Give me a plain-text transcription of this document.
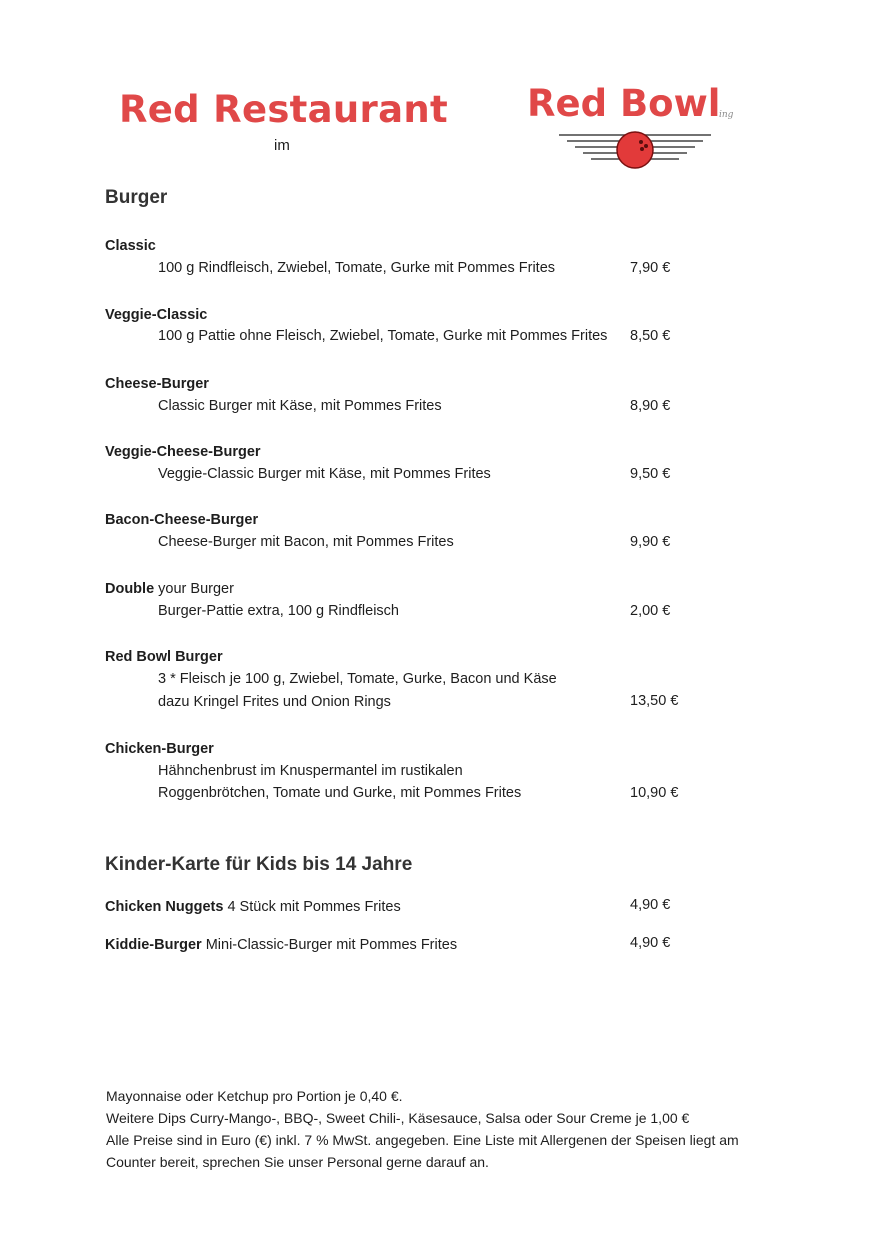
Red Restaurant
im
Red Bowl
ing
Burger
Classic
100 g Rindfleisch, Zwiebel, Tomate, Gurke mit Pommes Frites	7,90 €
Veggie-Classic
100 g Pattie ohne Fleisch, Zwiebel, Tomate, Gurke mit Pommes Frites 8,50 €
Cheese-Burger
Classic Burger mit Käse, mit Pommes Frites	8,90 €
Veggie-Cheese-Burger
Veggie-Classic Burger mit Käse, mit Pommes Frites	9,50 €
Bacon-Cheese-Burger
Cheese-Burger mit Bacon, mit Pommes Frites	9,90 €
Double your Burger
Burger-Pattie extra, 100 g Rindfleisch	2,00 €
Red Bowl Burger
3 * Fleisch je 100 g, Zwiebel, Tomate, Gurke, Bacon und Käse
dazu Kringel Frites und Onion Rings	13,50 €
Chicken-Burger
Hähnchenbrust im Knuspermantel im rustikalen
Roggenbrötchen, Tomate und Gurke, mit Pommes Frites	10,90 €
Kinder-Karte für Kids bis 14 Jahre
Chicken Nuggets 4 Stück mit Pommes Frites	4,90 €
Kiddie-Burger Mini-Classic-Burger mit Pommes Frites	4,90 €
Mayonnaise oder Ketchup pro Portion je 0,40 €.
Weitere Dips Curry-Mango-, BBQ-, Sweet Chili-, Käsesauce, Salsa oder Sour Creme je 1,00 €
Alle Preise sind in Euro (€) inkl. 7 % MwSt. angegeben. Eine Liste mit Allergenen der Speisen liegt am
Counter bereit, sprechen Sie unser Personal gerne darauf an.
